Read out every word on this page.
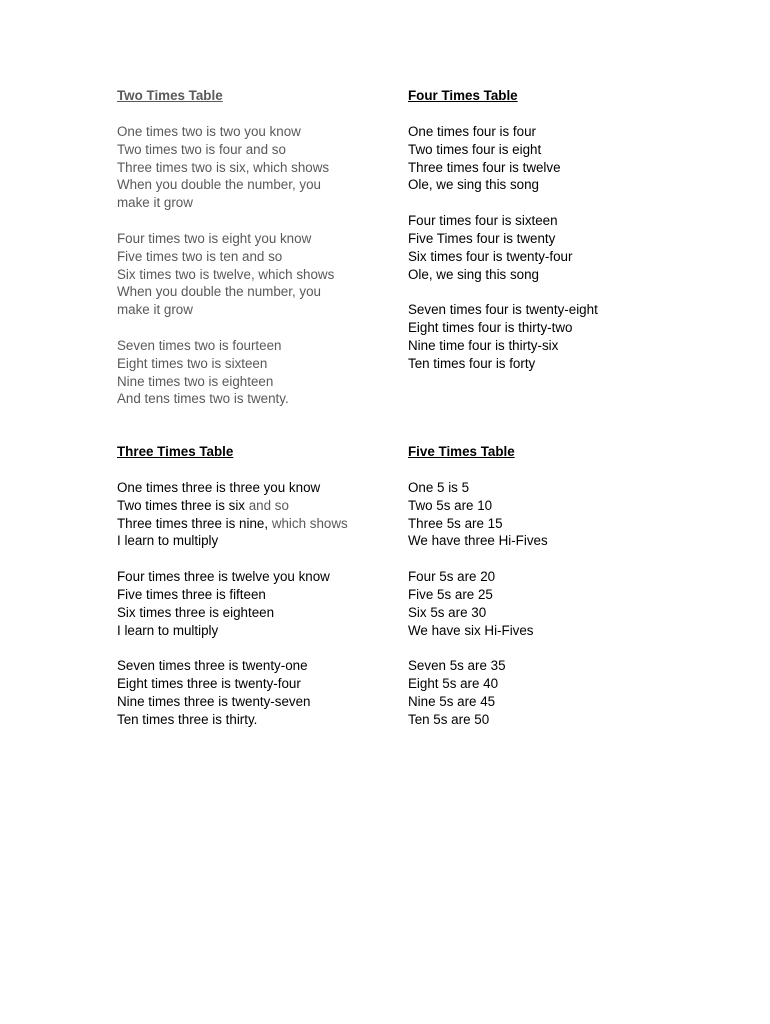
Two Times Table
One times two is two you know
Two times two is four and so
Three times two is six, which shows
When you double the number, you make it grow
Four times two is eight you know
Five times two is ten and so
Six times two is twelve, which shows
When you double the number, you make it grow
Seven times two is fourteen
Eight times two is sixteen
Nine times two is eighteen
And tens times two is twenty.
Four Times Table
One times four is four
Two times four is eight
Three times four is twelve
Ole, we sing this song
Four times four is sixteen
Five Times four is twenty
Six times four is twenty-four
Ole, we sing this song
Seven times four is twenty-eight
Eight times four is thirty-two
Nine time four is thirty-six
Ten times four is forty
Three Times Table
One times three is three you know
Two times three is six and so
Three times three is nine, which shows
I learn to multiply
Four times three is twelve you know
Five times three is fifteen
Six times three is eighteen
I learn to multiply
Seven times three is twenty-one
Eight times three is twenty-four
Nine times three is twenty-seven
Ten times three is thirty.
Five Times Table
One 5 is 5
Two 5s are 10
Three 5s are 15
We have three Hi-Fives
Four 5s are 20
Five 5s are 25
Six 5s are 30
We have six Hi-Fives
Seven 5s are 35
Eight 5s are 40
Nine 5s are 45
Ten 5s are 50
